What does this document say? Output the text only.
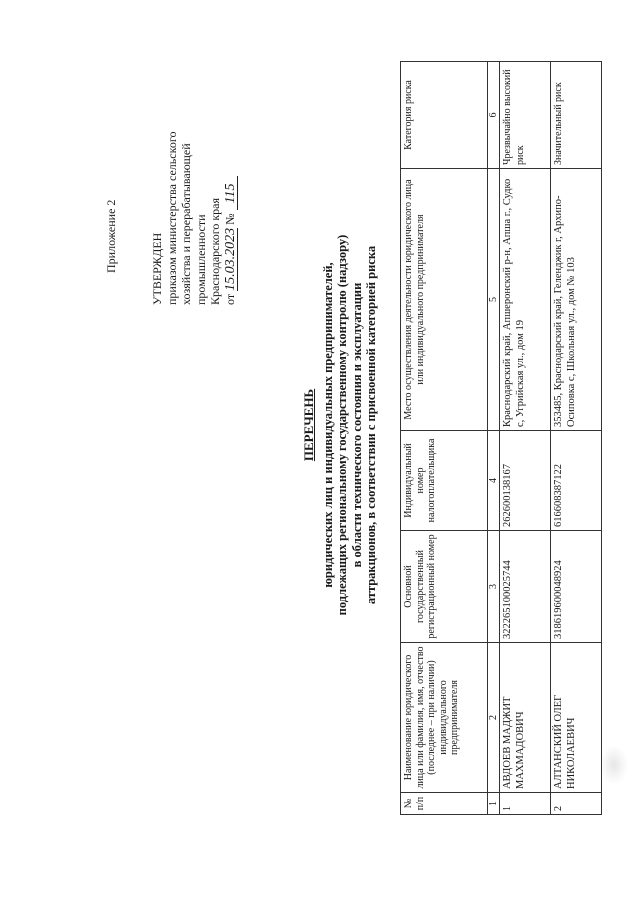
Приложение 2	УТВЕРЖДЕН приказом министерства сельского хозяйства и перерабатывающей промышленности Краснодарского края от 15.03.2023 № 115
ПЕРЕЧЕНЬ юридических лиц и индивидуальных предпринимателей, подлежащих региональному государственному контролю (надзору) в области технического состояния и эксплуатации аттракционов, в соответствии с присвоенной категорией риска
№ п/п	Наименование юридического лица или фамилия, имя, отчество (последнее – при наличии) индивидуального предпринимателя	Основной государственный регистрационный номер	Индивидуальный номер налогоплательщика	Место осуществления деятельности юридического лица или индивидуального предпринимателя	Категория риска
1	2	3	4	5	6
1	АВДОЕВ МАДЖИТ МАХМАДОВИЧ	322265100025744	262600138167	Краснодарский край, Апшеронский р-н, Апша г., Судко с, Угрийская ул., дом 19	Чрезвычайно высокий риск
2	АЛТАНСКИЙ ОЛЕГ НИКОЛАЕВИЧ	318619600048924	616608387122	353485, Краснодарский край, Геленджик г, Архипо-Осиповка с, Школьная ул., дом № 103	Значительный риск
